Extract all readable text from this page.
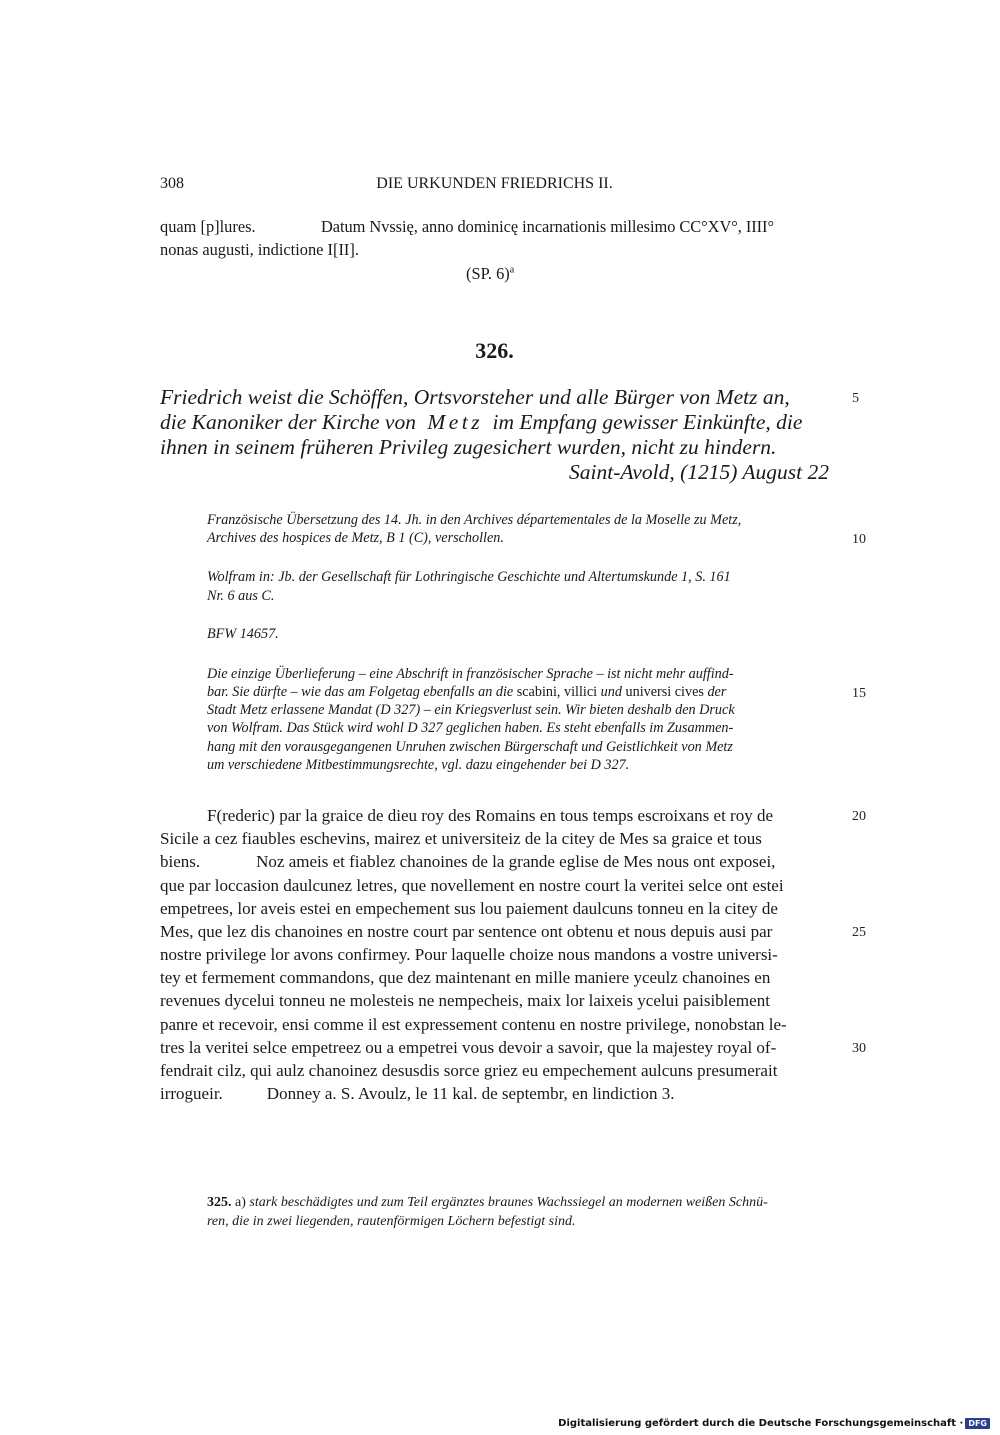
308	DIE URKUNDEN FRIEDRICHS II.
quam [p]lures.	Datum Nvssię, anno dominicę incarnationis millesimo CC°XV°, IIII°
nonas augusti, indictione I[II].
(SP. 6)$^a$
326.
Friedrich weist die Schöffen, Ortsvorsteher und alle Bürger von Metz an,
die Kanoniker der Kirche von Metz im Empfang gewisser Einkünfte, die
ihnen in seinem früheren Privileg zugesichert wurden, nicht zu hindern.
Saint-Avold, (1215) August 22
Französische Übersetzung des 14. Jh. in den Archives départementales de la Moselle zu Metz,
Archives des hospices de Metz, B 1 (C), verschollen.
Wolfram in: Jb. der Gesellschaft für Lothringische Geschichte und Altertumskunde 1, S. 161
Nr. 6 aus C.
BFW 14657.
Die einzige Überlieferung – eine Abschrift in französischer Sprache – ist nicht mehr auffind-
bar. Sie dürfte – wie das am Folgetag ebenfalls an die scabini, villici und universi cives der
Stadt Metz erlassene Mandat (D 327) – ein Kriegsverlust sein. Wir bieten deshalb den Druck
von Wolfram. Das Stück wird wohl D 327 geglichen haben. Es steht ebenfalls im Zusammen-
hang mit den vorausgegangenen Unruhen zwischen Bürgerschaft und Geistlichkeit von Metz
um verschiedene Mitbestimmungsrechte, vgl. dazu eingehender bei D 327.
F(rederic) par la graice de dieu roy des Romains en tous temps escroixans et roy de
Sicile a cez fiaubles eschevins, mairez et universiteiz de la citey de Mes sa graice et tous
biens.	Noz ameis et fiablez chanoines de la grande eglise de Mes nous ont exposei,
que par loccasion daulcunez letres, que novellement en nostre court la veritei selce ont estei
empetrees, lor aveis estei en empechement sus lou paiement daulcuns tonneu en la citey de
Mes, que lez dis chanoines en nostre court par sentence ont obtenu et nous depuis ausi par
nostre privilege lor avons confirmey. Pour laquelle choize nous mandons a vostre universi-
tey et fermement commandons, que dez maintenant en mille maniere yceulz chanoines en
revenues dycelui tonneu ne molesteis ne nempecheis, maix lor laixeis ycelui paisiblement
panre et recevoir, ensi comme il est expressement contenu en nostre privilege, nonobstan le-
tres la veritei selce empetreez ou a empetrei vous devoir a savoir, que la majestey royal of-
fendrait cilz, qui aulz chanoinez desusdis sorce griez eu empechement aulcuns presumerait
irrogueir.	Donney a. S. Avoulz, le 11 kal. de septembr, en lindiction 3.
5
10
15
20
25
30
325. a) stark beschädigtes und zum Teil ergänztes braunes Wachssiegel an modernen weißen Schnü-
ren, die in zwei liegenden, rautenförmigen Löchern befestigt sind.
Digitalisierung gefördert durch die Deutsche Forschungsgemeinschaft · DFG
